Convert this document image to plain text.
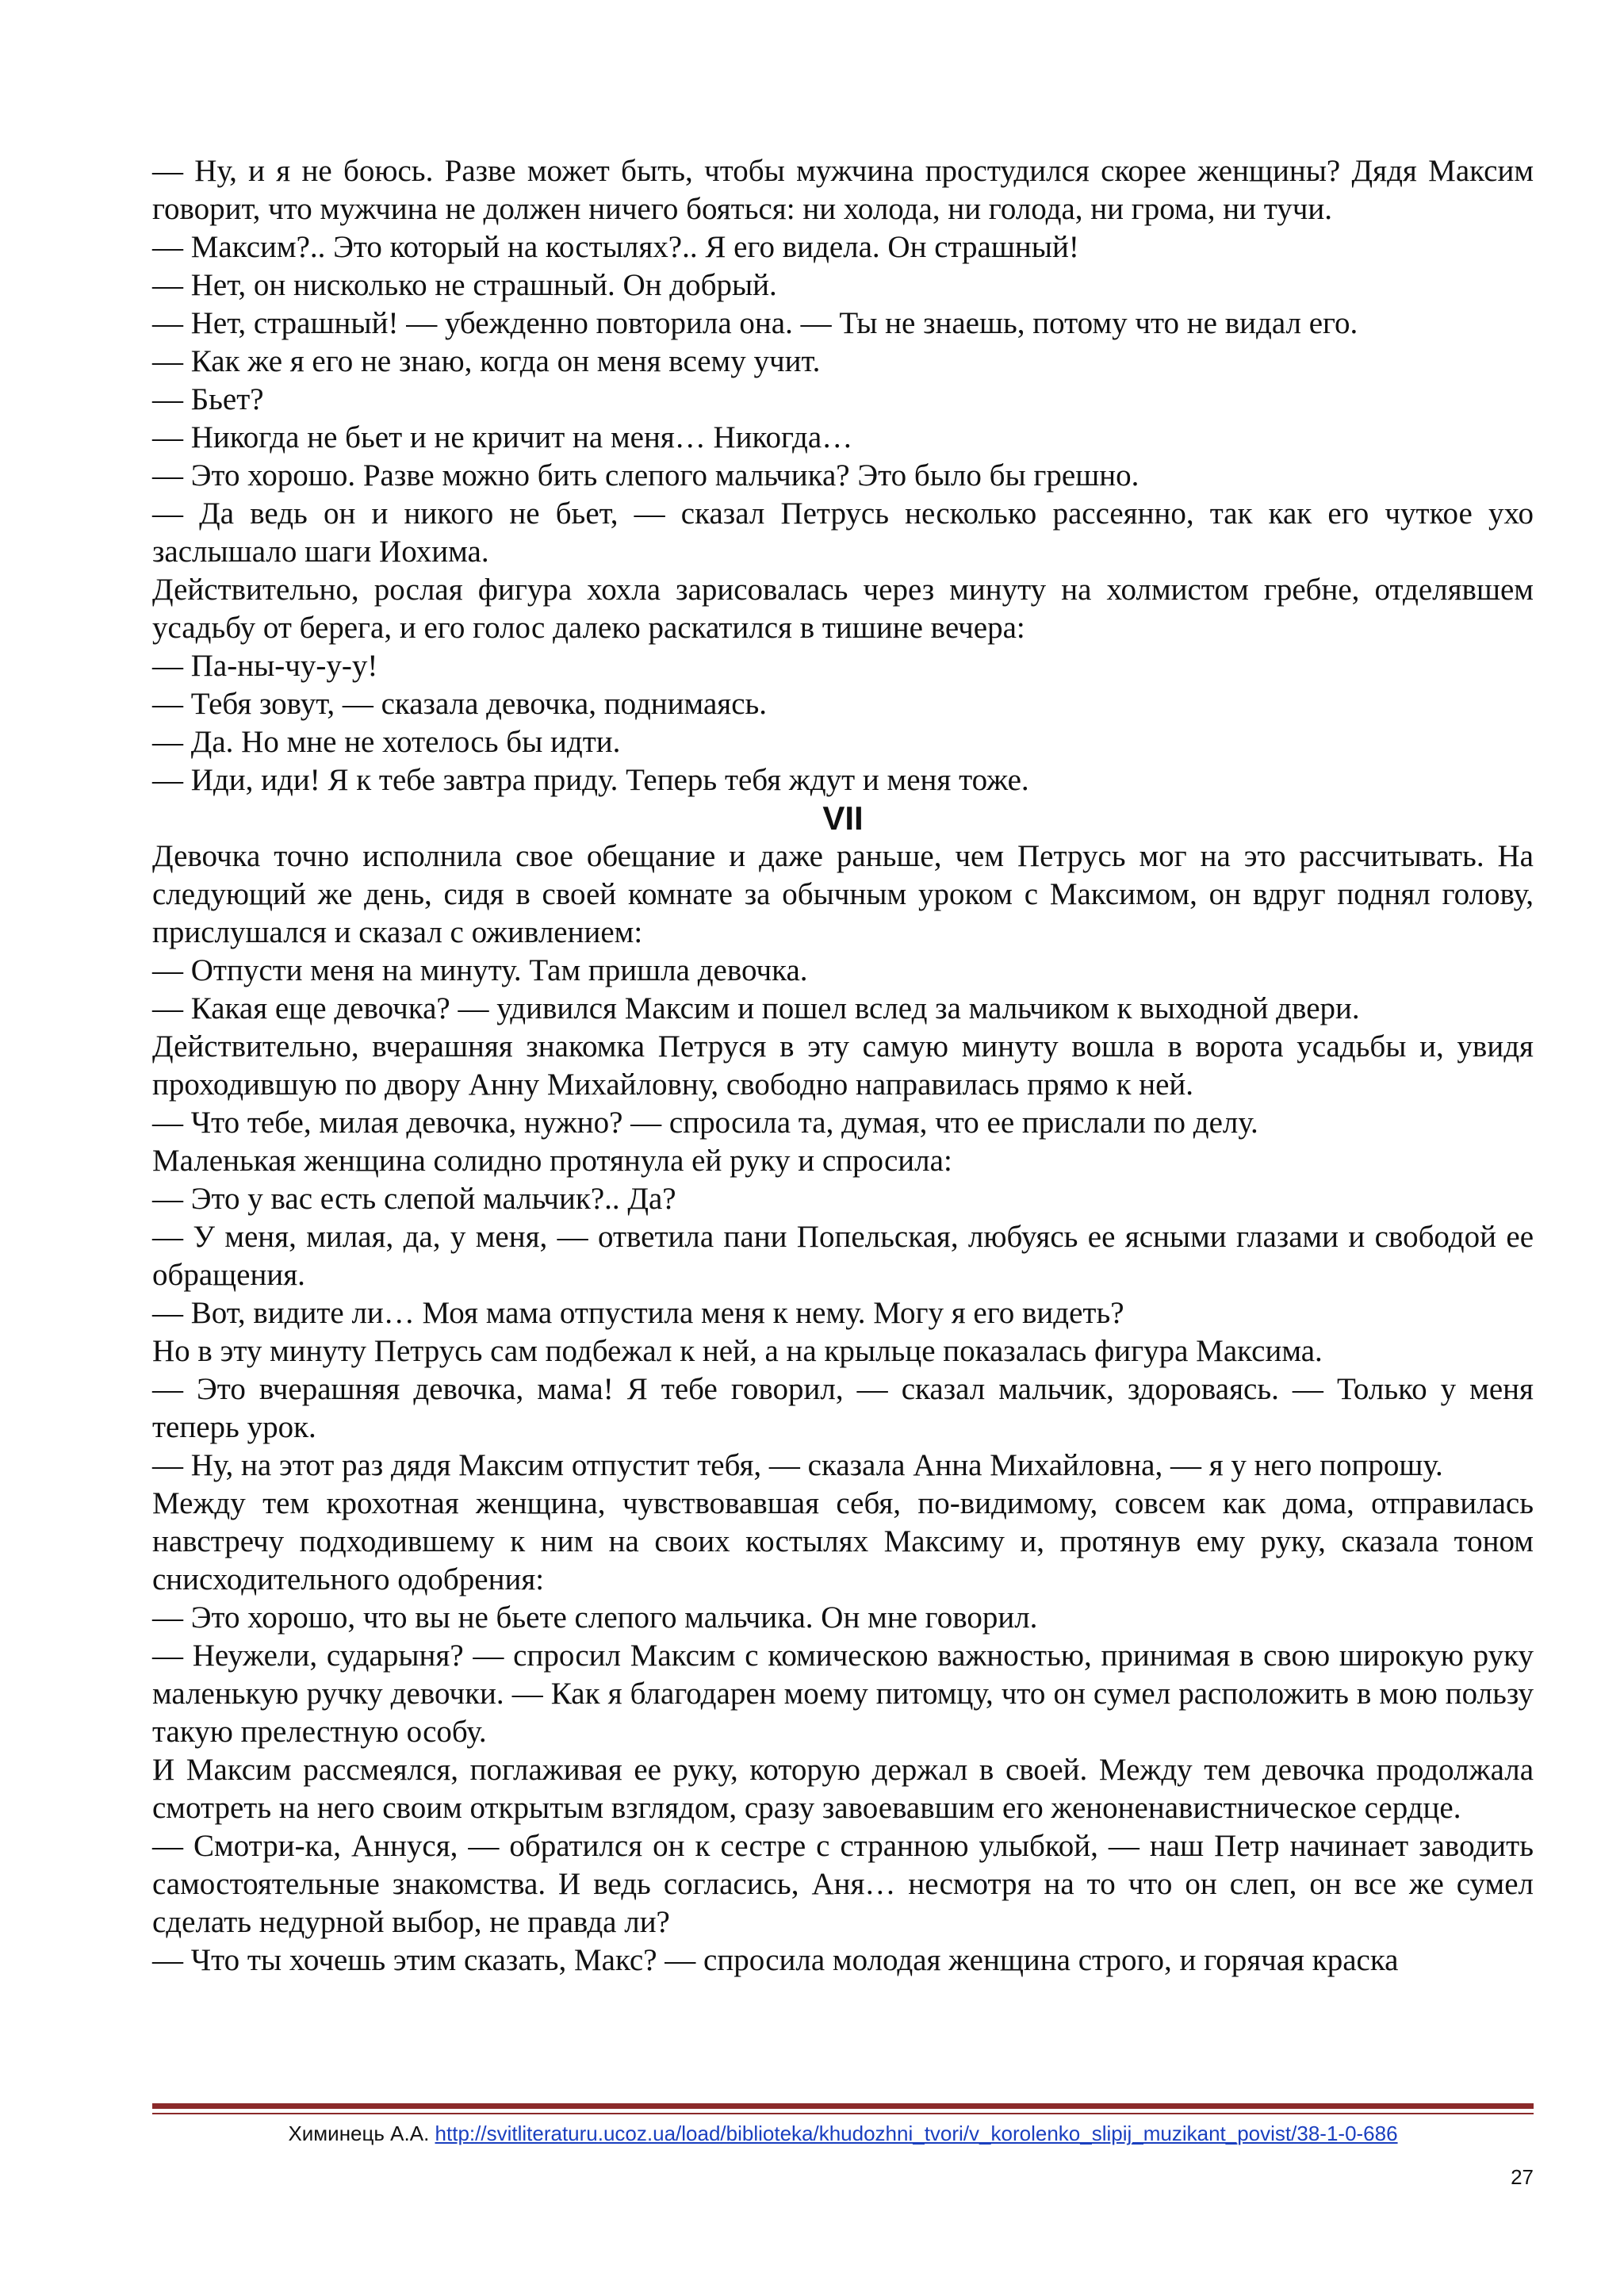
— Ну, и я не боюсь. Разве может быть, чтобы мужчина простудился скорее женщины? Дядя Максим говорит, что мужчина не должен ничего бояться: ни холода, ни голода, ни грома, ни тучи.

— Максим?.. Это который на костылях?.. Я его видела. Он страшный!

— Нет, он нисколько не страшный. Он добрый.

— Нет, страшный! — убежденно повторила она. — Ты не знаешь, потому что не видал его.

— Как же я его не знаю, когда он меня всему учит.

— Бьет?

— Никогда не бьет и не кричит на меня… Никогда…

— Это хорошо. Разве можно бить слепого мальчика? Это было бы грешно.

— Да ведь он и никого не бьет, — сказал Петрусь несколько рассеянно, так как его чуткое ухо заслышало шаги Иохима.

Действительно, рослая фигура хохла зарисовалась через минуту на холмистом гребне, отделявшем усадьбу от берега, и его голос далеко раскатился в тишине вечера:

— Па-ны-чу-у-у!

— Тебя зовут, — сказала девочка, поднимаясь.

— Да. Но мне не хотелось бы идти.

— Иди, иди! Я к тебе завтра приду. Теперь тебя ждут и меня тоже.

VII

Девочка точно исполнила свое обещание и даже раньше, чем Петрусь мог на это рассчитывать. На следующий же день, сидя в своей комнате за обычным уроком с Максимом, он вдруг поднял голову, прислушался и сказал с оживлением:

— Отпусти меня на минуту. Там пришла девочка.

— Какая еще девочка? — удивился Максим и пошел вслед за мальчиком к выходной двери.

Действительно, вчерашняя знакомка Петруся в эту самую минуту вошла в ворота усадьбы и, увидя проходившую по двору Анну Михайловну, свободно направилась прямо к ней.

— Что тебе, милая девочка, нужно? — спросила та, думая, что ее прислали по делу.

Маленькая женщина солидно протянула ей руку и спросила:

— Это у вас есть слепой мальчик?.. Да?

— У меня, милая, да, у меня, — ответила пани Попельская, любуясь ее ясными глазами и свободой ее обращения.

— Вот, видите ли… Моя мама отпустила меня к нему. Могу я его видеть?

Но в эту минуту Петрусь сам подбежал к ней, а на крыльце показалась фигура Максима.

— Это вчерашняя девочка, мама! Я тебе говорил, — сказал мальчик, здороваясь. — Только у меня теперь урок.

— Ну, на этот раз дядя Максим отпустит тебя, — сказала Анна Михайловна, — я у него попрошу.

Между тем крохотная женщина, чувствовавшая себя, по-видимому, совсем как дома, отправилась навстречу подходившему к ним на своих костылях Максиму и, протянув ему руку, сказала тоном снисходительного одобрения:

— Это хорошо, что вы не бьете слепого мальчика. Он мне говорил.

— Неужели, сударыня? — спросил Максим с комическою важностью, принимая в свою широкую руку маленькую ручку девочки. — Как я благодарен моему питомцу, что он сумел расположить в мою пользу такую прелестную особу.

И Максим рассмеялся, поглаживая ее руку, которую держал в своей. Между тем девочка продолжала смотреть на него своим открытым взглядом, сразу завоевавшим его женоненавистническое сердце.

— Смотри-ка, Аннуся, — обратился он к сестре с странною улыбкой, — наш Петр начинает заводить самостоятельные знакомства. И ведь согласись, Аня… несмотря на то что он слеп, он все же сумел сделать недурной выбор, не правда ли?

— Что ты хочешь этим сказать, Макс? — спросила молодая женщина строго, и горячая краска

Химинець А.А. http://svitliteraturu.ucoz.ua/load/biblioteka/khudozhni_tvori/v_korolenko_slipij_muzikant_povist/38-1-0-686
27
